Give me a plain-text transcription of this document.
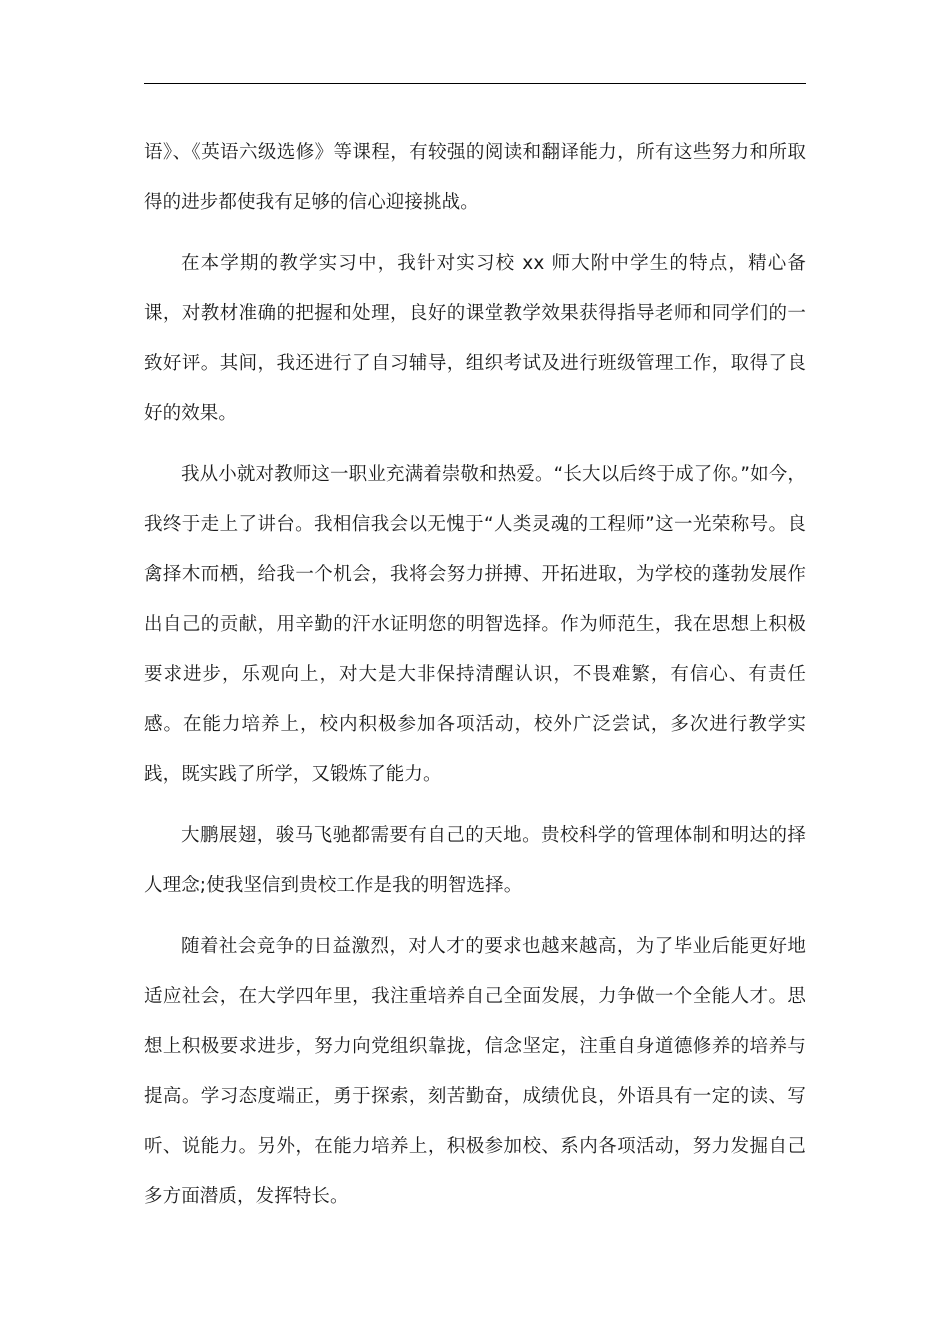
语》、《英语六级选修》等课程，有较强的阅读和翻译能力，所有这些努力和所取得的进步都使我有足够的信心迎接挑战。

在本学期的教学实习中，我针对实习校 xx 师大附中学生的特点，精心备课，对教材准确的把握和处理，良好的课堂教学效果获得指导老师和同学们的一致好评。其间，我还进行了自习辅导，组织考试及进行班级管理工作，取得了良好的效果。

我从小就对教师这一职业充满着崇敬和热爱。“长大以后终于成了你。”如今，我终于走上了讲台。我相信我会以无愧于“人类灵魂的工程师”这一光荣称号。良禽择木而栖，给我一个机会，我将会努力拼搏、开拓进取，为学校的蓬勃发展作出自己的贡献，用辛勤的汗水证明您的明智选择。作为师范生，我在思想上积极要求进步，乐观向上，对大是大非保持清醒认识，不畏难繁，有信心、有责任感。在能力培养上，校内积极参加各项活动，校外广泛尝试，多次进行教学实践，既实践了所学，又锻炼了能力。

大鹏展翅，骏马飞驰都需要有自己的天地。贵校科学的管理体制和明达的择人理念;使我坚信到贵校工作是我的明智选择。

随着社会竞争的日益激烈，对人才的要求也越来越高，为了毕业后能更好地适应社会，在大学四年里，我注重培养自己全面发展，力争做一个全能人才。思想上积极要求进步，努力向党组织靠拢，信念坚定，注重自身道德修养的培养与提高。学习态度端正，勇于探索，刻苦勤奋，成绩优良，外语具有一定的读、写听、说能力。另外，在能力培养上，积极参加校、系内各项活动，努力发掘自己多方面潜质，发挥特长。
